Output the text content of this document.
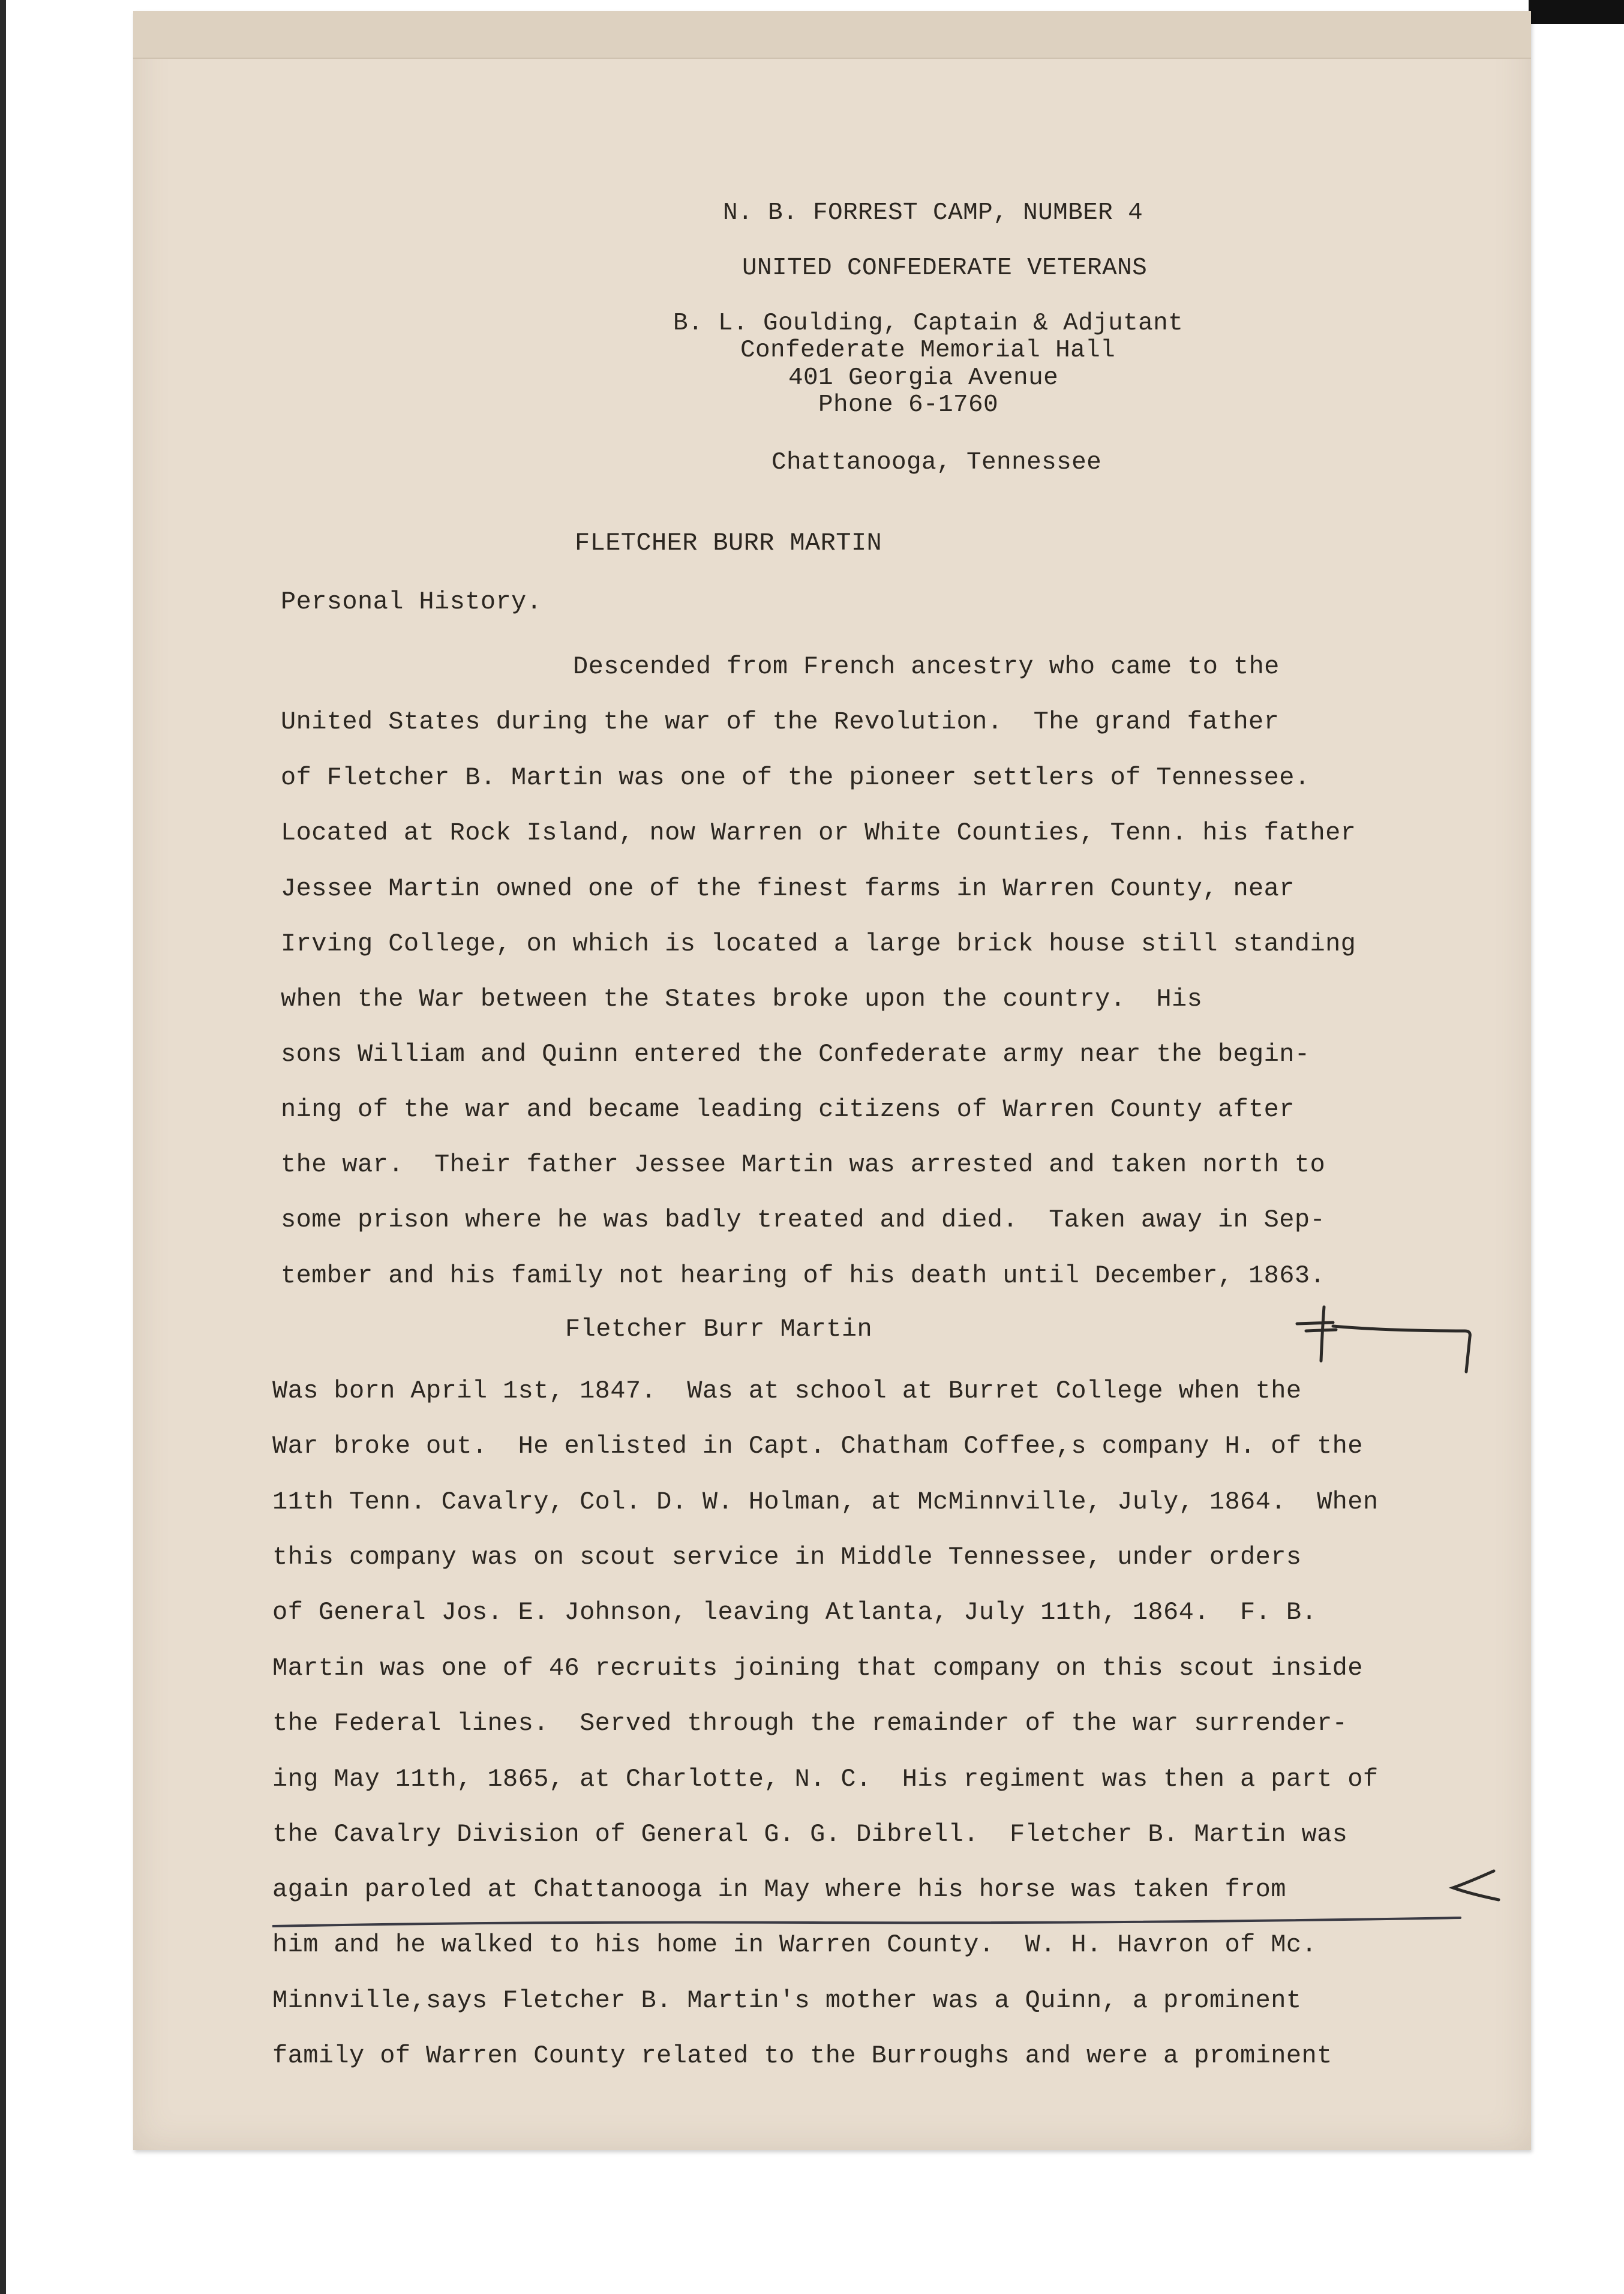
N. B. FORREST CAMP, NUMBER 4
UNITED CONFEDERATE VETERANS
B. L. Goulding, Captain & Adjutant
Confederate Memorial Hall
401 Georgia Avenue
Phone 6-1760
Chattanooga, Tennessee
FLETCHER BURR MARTIN
Personal History.
Descended from French ancestry who came to the
United States during the war of the Revolution.  The grand father
of Fletcher B. Martin was one of the pioneer settlers of Tennessee.
Located at Rock Island, now Warren or White Counties, Tenn. his father
Jessee Martin owned one of the finest farms in Warren County, near
Irving College, on which is located a large brick house still standing
when the War between the States broke upon the country.  His
sons William and Quinn entered the Confederate army near the begin-
ning of the war and became leading citizens of Warren County after
the war.  Their father Jessee Martin was arrested and taken north to
some prison where he was badly treated and died.  Taken away in Sep-
tember and his family not hearing of his death until December, 1863.
Fletcher Burr Martin
Was born April 1st, 1847.  Was at school at Burret College when the
War broke out.  He enlisted in Capt. Chatham Coffee,s company H. of the
11th Tenn. Cavalry, Col. D. W. Holman, at McMinnville, July, 1864.  When
this company was on scout service in Middle Tennessee, under orders
of General Jos. E. Johnson, leaving Atlanta, July 11th, 1864.  F. B.
Martin was one of 46 recruits joining that company on this scout inside
the Federal lines.  Served through the remainder of the war surrender-
ing May 11th, 1865, at Charlotte, N. C.  His regiment was then a part of
the Cavalry Division of General G. G. Dibrell.  Fletcher B. Martin was
again paroled at Chattanooga in May where his horse was taken from
him and he walked to his home in Warren County.  W. H. Havron of Mc.
Minnville,says Fletcher B. Martin's mother was a Quinn, a prominent
family of Warren County related to the Burroughs and were a prominent
